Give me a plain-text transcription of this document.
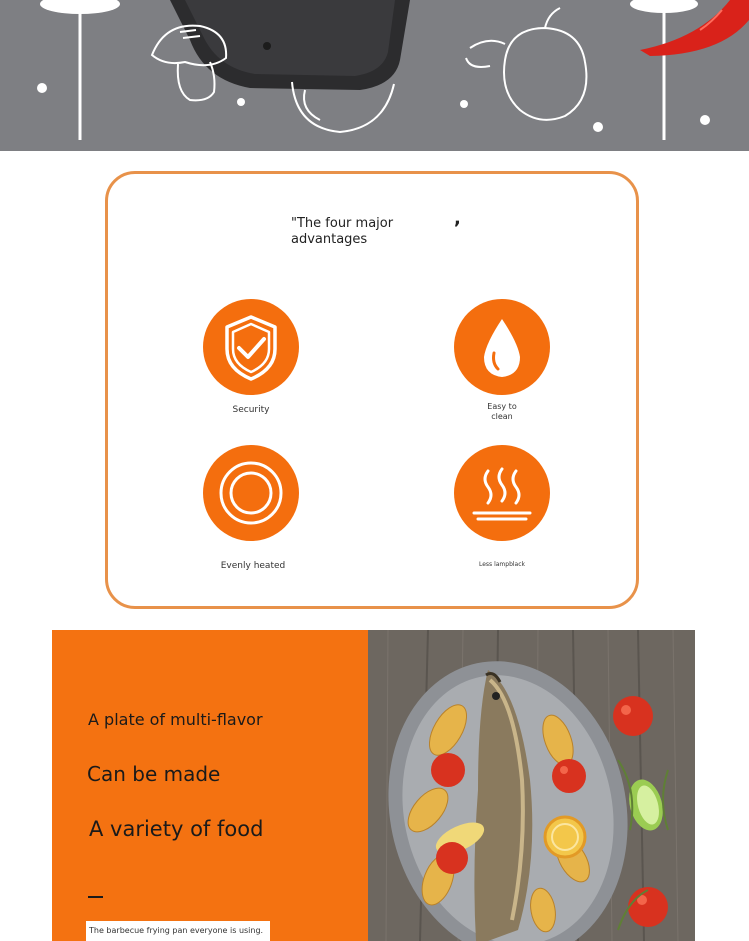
"The four major advantages
,
Security	Easy to clean
Evenly heated	Less lampblack
A plate of multi-flavor
Can be made
A variety of food
The barbecue frying pan everyone is using.
